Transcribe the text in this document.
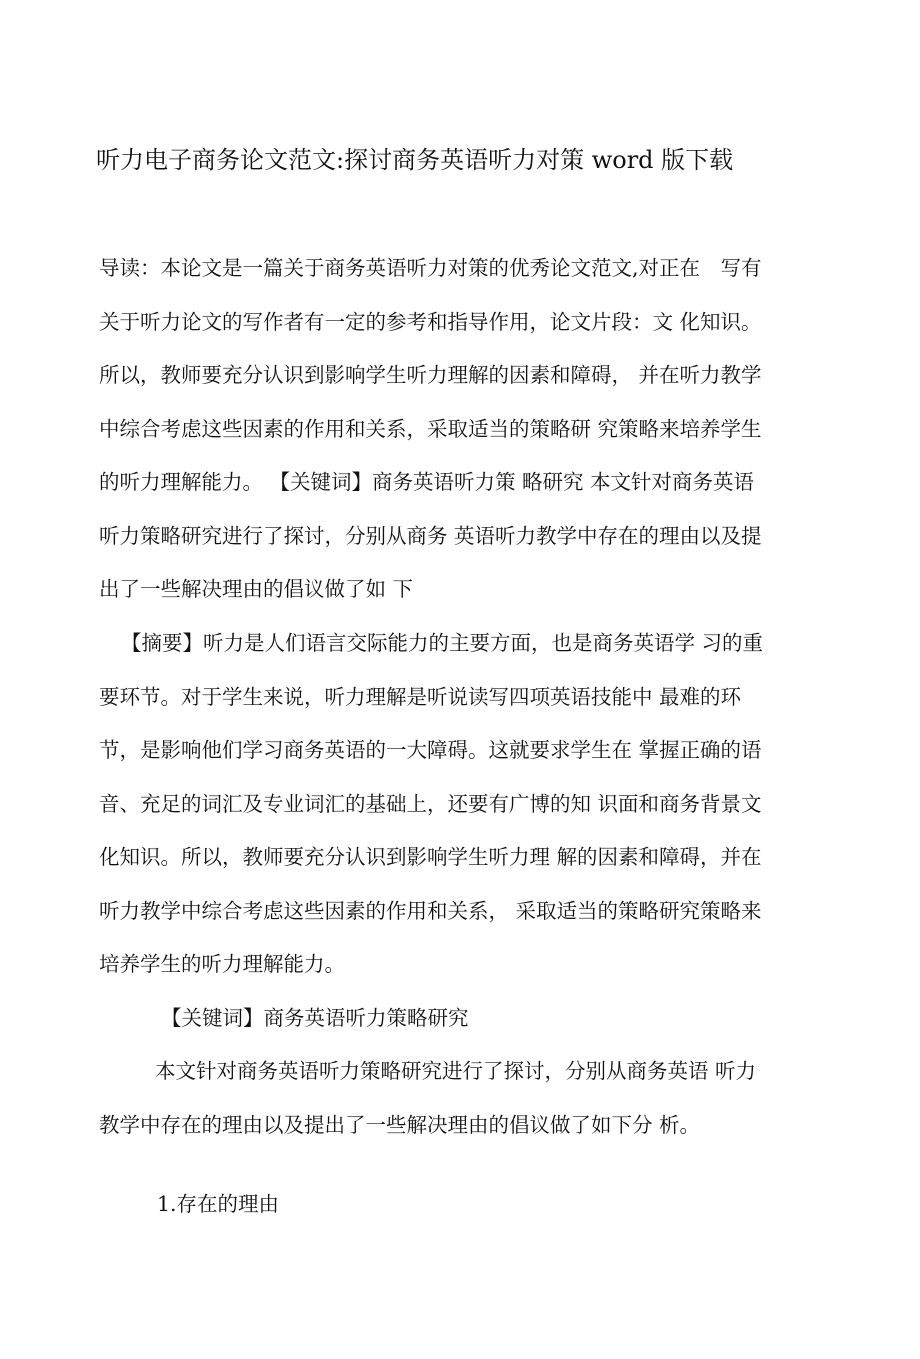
听力电子商务论文范文:探讨商务英语听力对策 word 版下载
导读：本论文是一篇关于商务英语听力对策的优秀论文范文,对正在　写有
关于听力论文的写作者有一定的参考和指导作用，论文片段：文 化知识。
所以，教师要充分认识到影响学生听力理解的因素和障碍， 并在听力教学
中综合考虑这些因素的作用和关系，采取适当的策略研 究策略来培养学生
的听力理解能力。 【关键词】商务英语听力策 略研究 本文针对商务英语
听力策略研究进行了探讨，分别从商务 英语听力教学中存在的理由以及提
出了一些解决理由的倡议做了如 下
【摘要】听力是人们语言交际能力的主要方面，也是商务英语学 习的重
要环节。对于学生来说，听力理解是听说读写四项英语技能中 最难的环
节，是影响他们学习商务英语的一大障碍。这就要求学生在 掌握正确的语
音、充足的词汇及专业词汇的基础上，还要有广博的知 识面和商务背景文
化知识。所以，教师要充分认识到影响学生听力理 解的因素和障碍，并在
听力教学中综合考虑这些因素的作用和关系， 采取适当的策略研究策略来
培养学生的听力理解能力。
【关键词】商务英语听力策略研究
本文针对商务英语听力策略研究进行了探讨，分别从商务英语 听力
教学中存在的理由以及提出了一些解决理由的倡议做了如下分 析。
1.存在的理由
